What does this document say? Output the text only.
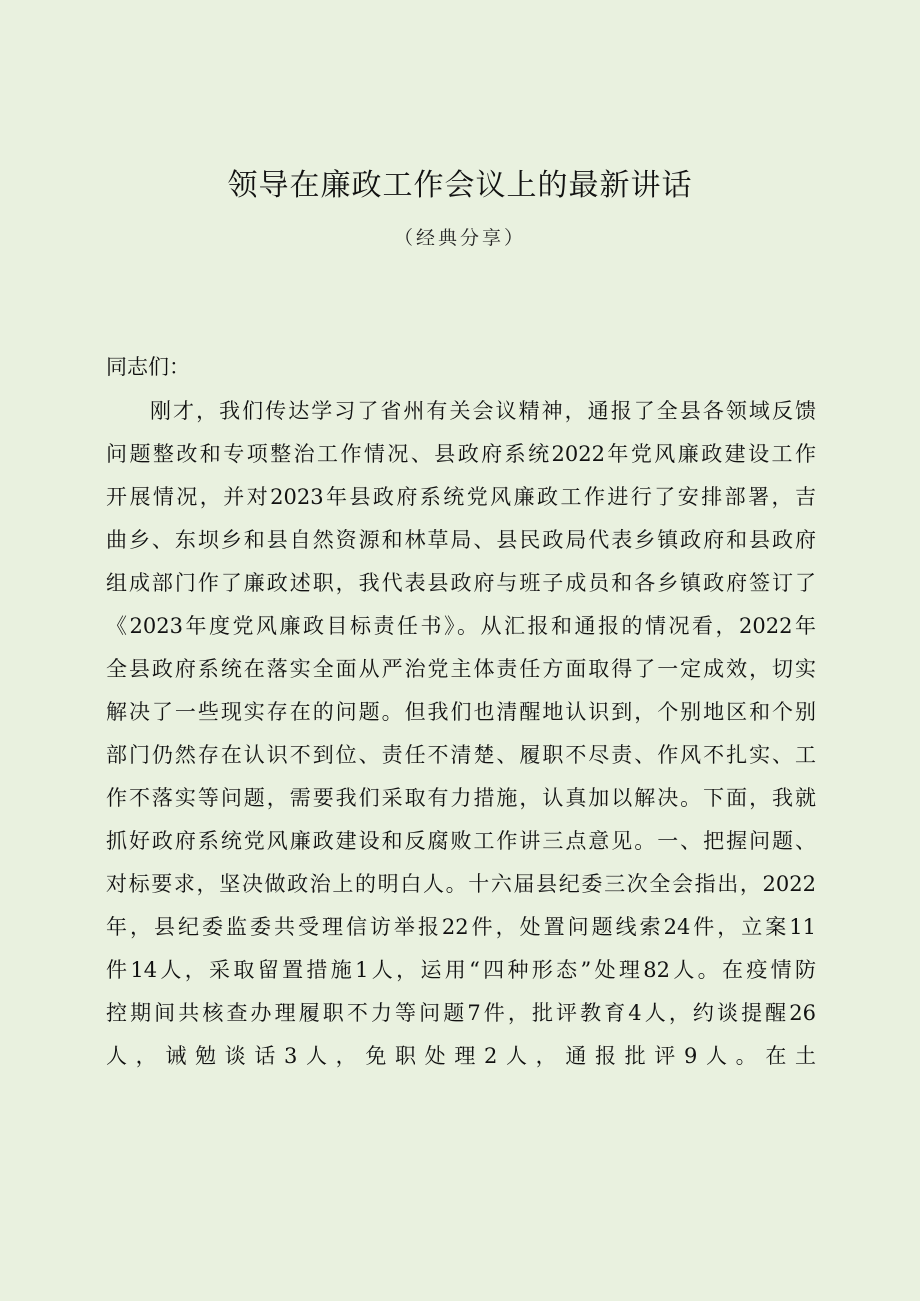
领导在廉政工作会议上的最新讲话
（经典分享）
同志们：
刚才，我们传达学习了省州有关会议精神，通报了全县各领域反馈
问题整改和专项整治工作情况、县政府系统2022年党风廉政建设工作
开展情况，并对2023年县政府系统党风廉政工作进行了安排部署，吉
曲乡、东坝乡和县自然资源和林草局、县民政局代表乡镇政府和县政府
组成部门作了廉政述职，我代表县政府与班子成员和各乡镇政府签订了
《2023年度党风廉政目标责任书》。从汇报和通报的情况看，2022年
全县政府系统在落实全面从严治党主体责任方面取得了一定成效，切实
解决了一些现实存在的问题。但我们也清醒地认识到，个别地区和个别
部门仍然存在认识不到位、责任不清楚、履职不尽责、作风不扎实、工
作不落实等问题，需要我们采取有力措施，认真加以解决。下面，我就
抓好政府系统党风廉政建设和反腐败工作讲三点意见。一、把握问题、
对标要求，坚决做政治上的明白人。十六届县纪委三次全会指出，2022
年，县纪委监委共受理信访举报22件，处置问题线索24件，立案11
件14人，采取留置措施1人，运用“四种形态”处理82人。在疫情防
控期间共核查办理履职不力等问题7件，批评教育4人，约谈提醒26
人，诫勉谈话3人，免职处理2人，通报批评9人。在土
